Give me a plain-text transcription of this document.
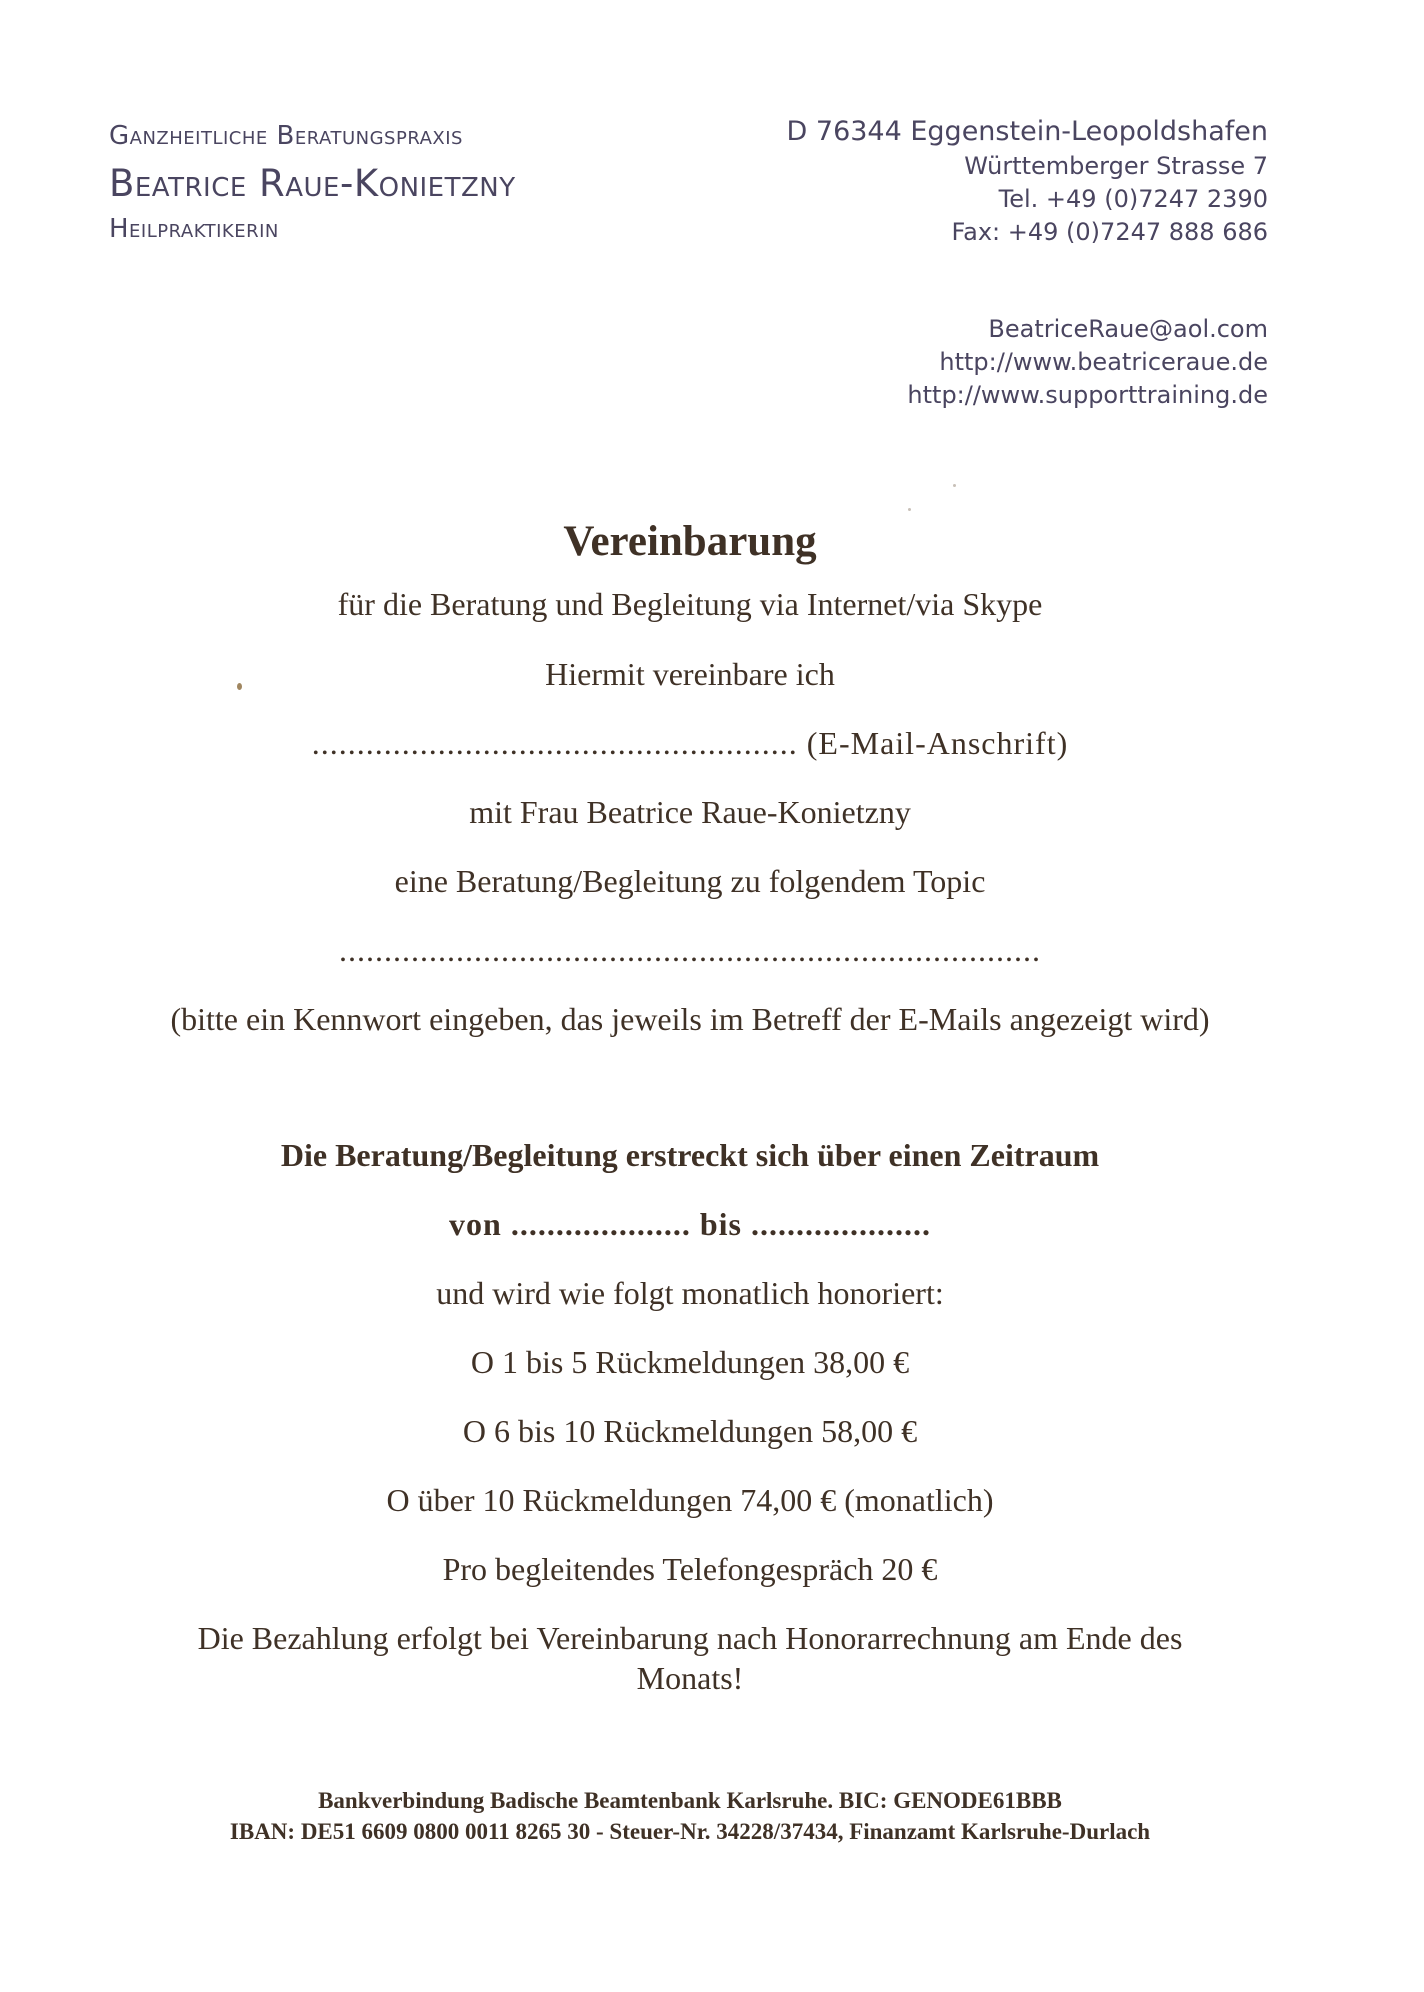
Ganzheitliche Beratungspraxis
Beatrice Raue-Konietzny
Heilpraktikerin
D 76344 Eggenstein-Leopoldshafen
Württemberger Strasse 7
Tel. +49 (0)7247 2390
Fax: +49 (0)7247 888 686
BeatriceRaue@aol.com
http://www.beatriceraue.de
http://www.supporttraining.de
Vereinbarung
für die Beratung und Begleitung via Internet/via Skype
Hiermit vereinbare ich
...................................................... (E-Mail-Anschrift)
mit Frau Beatrice Raue-Konietzny
eine Beratung/Begleitung zu folgendem Topic
..............................................................................
(bitte ein Kennwort eingeben, das jeweils im Betreff der E-Mails angezeigt wird)
Die Beratung/Begleitung erstreckt sich über einen Zeitraum
von .................... bis ....................
und wird wie folgt monatlich honoriert:
O 1 bis 5 Rückmeldungen 38,00 €
O 6 bis 10 Rückmeldungen 58,00 €
O über 10 Rückmeldungen 74,00 € (monatlich)
Pro begleitendes Telefongespräch 20 €
Die Bezahlung erfolgt bei Vereinbarung nach Honorarrechnung am Ende des
Monats!
Bankverbindung Badische Beamtenbank Karlsruhe. BIC: GENODE61BBB
IBAN: DE51 6609 0800 0011 8265 30 - Steuer-Nr. 34228/37434, Finanzamt Karlsruhe-Durlach
